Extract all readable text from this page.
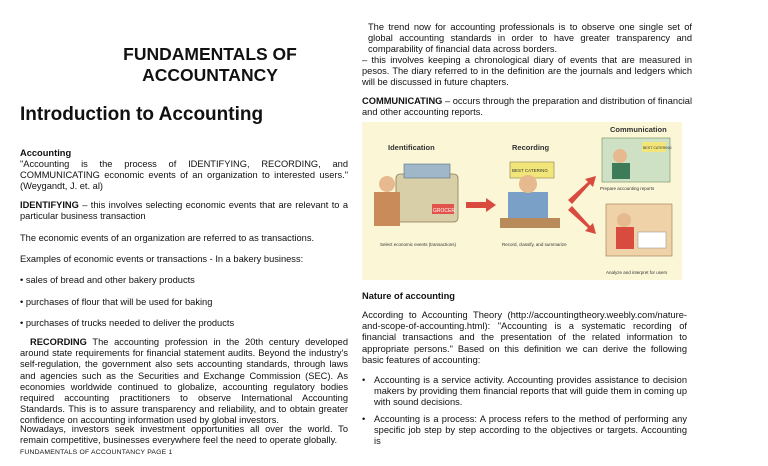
FUNDAMENTALS OF
ACCOUNTANCY
Introduction to Accounting

Accounting

"Accounting is the process of IDENTIFYING, RECORDING, and COMMUNICATING economic events of an organization to interested users." (Weygandt, J. et. al)

IDENTIFYING – this involves selecting economic events that are relevant to a particular business transaction

The economic events of an organization are referred to as transactions.

Examples of economic events or transactions - In a bakery business:

• sales of bread and other bakery products

• purchases of flour that will be used for baking

• purchases of trucks needed to deliver the products

RECORDING The accounting profession in the 20th century developed around state requirements for financial statement audits. Beyond the industry's self-regulation, the government also sets accounting standards, through laws and agencies such as the Securities and Exchange Commission (SEC). As economies worldwide continued to globalize, accounting regulatory bodies required accounting practitioners to observe International Accounting Standards. This is to assure transparency and reliability, and to obtain greater confidence on accounting information used by global investors.

Nowadays, investors seek investment opportunities all over the world. To remain competitive, businesses everywhere feel the need to operate globally.

FUNDAMENTALS OF ACCOUNTANCY PAGE 1

The trend now for accounting professionals is to observe one single set of global accounting standards in order to have greater transparency and comparability of financial data across borders.

– this involves keeping a chronological diary of events that are measured in pesos. The diary referred to in the definition are the journals and ledgers which will be discussed in future chapters.

COMMUNICATING – occurs through the preparation and distribution of financial and other accounting reports.

GROCER
Identification
Select economic events (transactions)
BEST CATERING
Recording
Record, classify, and summarize
Communication
BEST CATERING
Prepare accounting reports
Analyze and interpret for users

Nature of accounting

According to Accounting Theory (http://accountingtheory.weebly.com/nature-and-scope-of-accounting.html): "Accounting is a systematic recording of financial transactions and the presentation of the related information to appropriate persons." Based on this definition we can derive the following basic features of accounting:

• Accounting is a service activity. Accounting provides assistance to decision makers by providing them financial reports that will guide them in coming up with sound decisions.
• Accounting is a process: A process refers to the method of performing any specific job step by step according to the objectives or targets. Accounting is
